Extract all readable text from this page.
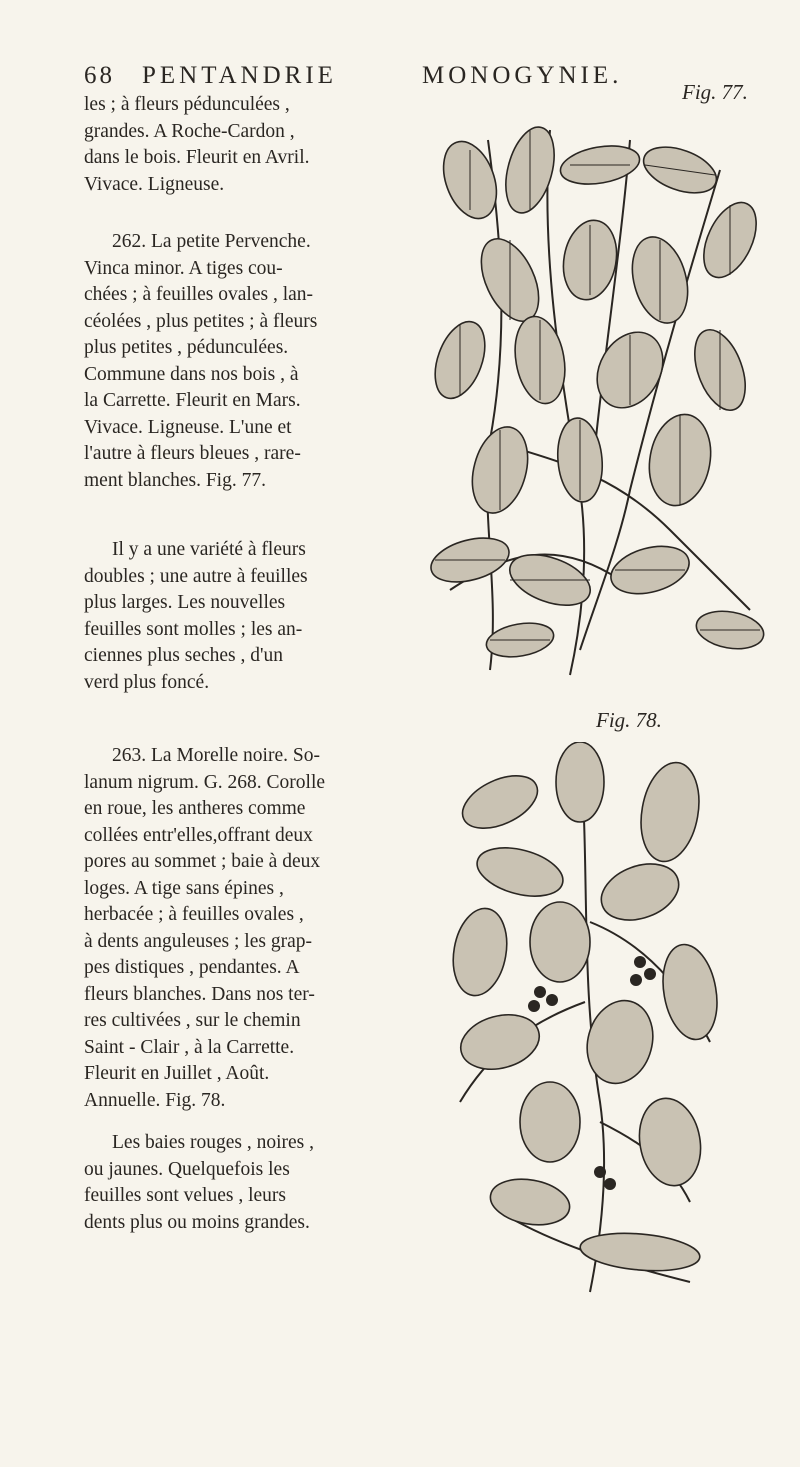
68 PENTANDRIE	MONOGYNIE.
les ; à fleurs pédunculées ,
grandes. A Roche-Cardon ,
dans le bois. Fleurit en Avril.
Vivace. Ligneuse.
262. La petite Pervenche.
Vinca minor. A tiges cou-
chées ; à feuilles ovales , lan-
céolées , plus petites ; à fleurs
plus petites , pédunculées.
Commune dans nos bois , à
la Carrette. Fleurit en Mars.
Vivace. Ligneuse. L'une et
l'autre à fleurs bleues , rare-
ment blanches. Fig. 77.
Il y a une variété à fleurs
doubles ; une autre à feuilles
plus larges. Les nouvelles
feuilles sont molles ; les an-
ciennes plus seches , d'un
verd plus foncé.
263. La Morelle noire. So-
lanum nigrum. G. 268. Corolle
en roue, les antheres comme
collées entr'elles,offrant deux
pores au sommet ; baie à deux
loges. A tige sans épines ,
herbacée ; à feuilles ovales ,
à dents anguleuses ; les grap-
pes distiques , pendantes. A
fleurs blanches. Dans nos ter-
res cultivées , sur le chemin
Saint - Clair , à la Carrette.
Fleurit en Juillet , Août.
Annuelle. Fig. 78.
Les baies rouges , noires ,
ou jaunes. Quelquefois les
feuilles sont velues , leurs
dents plus ou moins grandes.
Fig. 77.
Fig. 78.
